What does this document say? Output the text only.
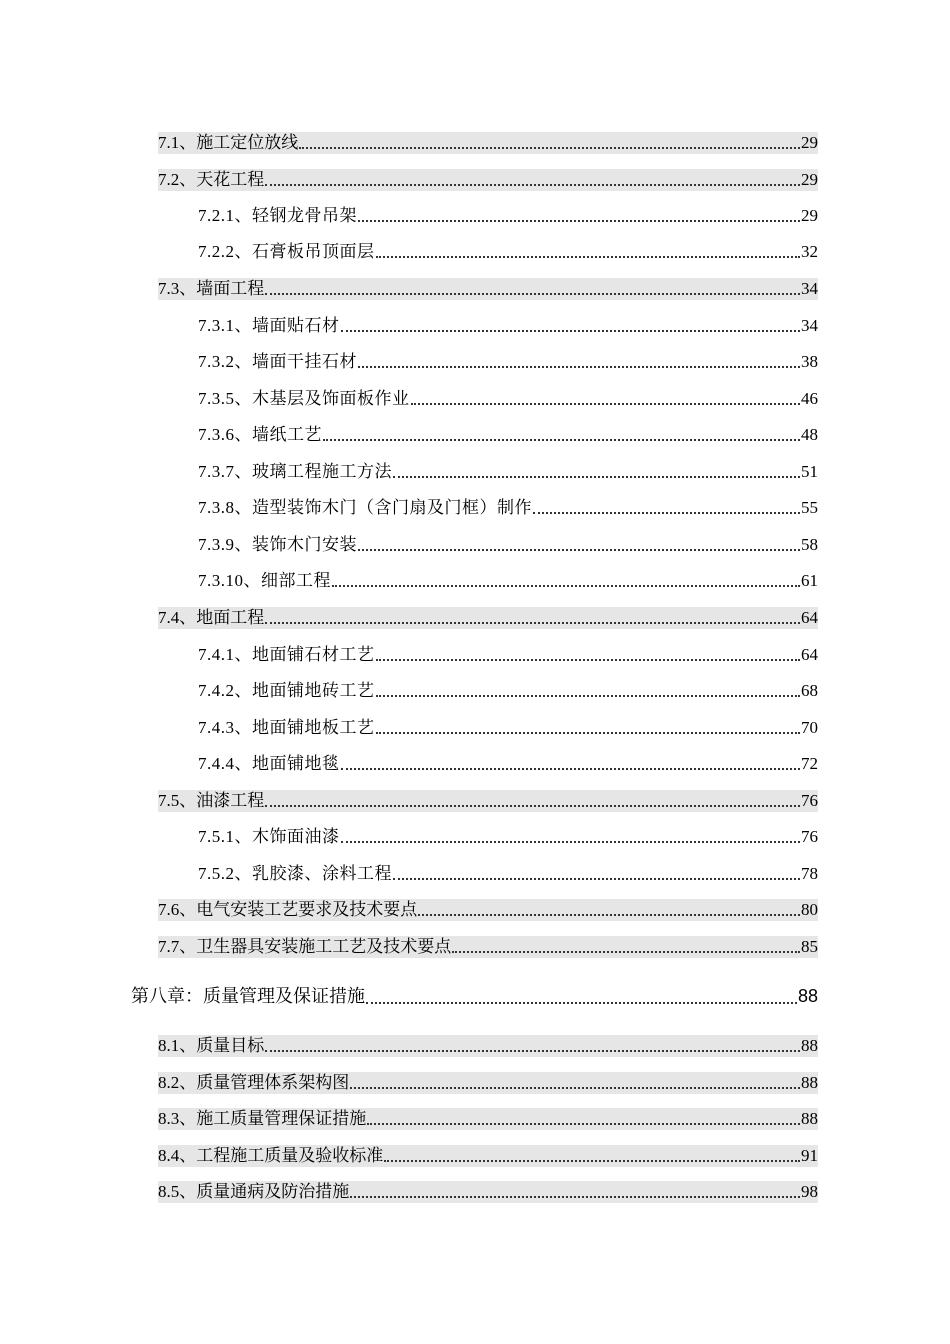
7.1、施工定位放线	29
7.2、天花工程	29
7.2.1、轻钢龙骨吊架	29
7.2.2、石膏板吊顶面层	32
7.3、墙面工程	34
7.3.1、墙面贴石材	34
7.3.2、墙面干挂石材	38
7.3.5、木基层及饰面板作业	46
7.3.6、墙纸工艺	48
7.3.7、玻璃工程施工方法	51
7.3.8、造型装饰木门（含门扇及门框）制作	55
7.3.9、装饰木门安装	58
7.3.10、细部工程	61
7.4、地面工程	64
7.4.1、地面铺石材工艺	64
7.4.2、地面铺地砖工艺	68
7.4.3、地面铺地板工艺	70
7.4.4、地面铺地毯	72
7.5、油漆工程	76
7.5.1、木饰面油漆	76
7.5.2、乳胶漆、涂料工程	78
7.6、电气安装工艺要求及技术要点	80
7.7、卫生器具安装施工工艺及技术要点	85
第八章：质量管理及保证措施	88
8.1、质量目标	88
8.2、质量管理体系架构图	88
8.3、施工质量管理保证措施	88
8.4、工程施工质量及验收标准	91
8.5、质量通病及防治措施	98
